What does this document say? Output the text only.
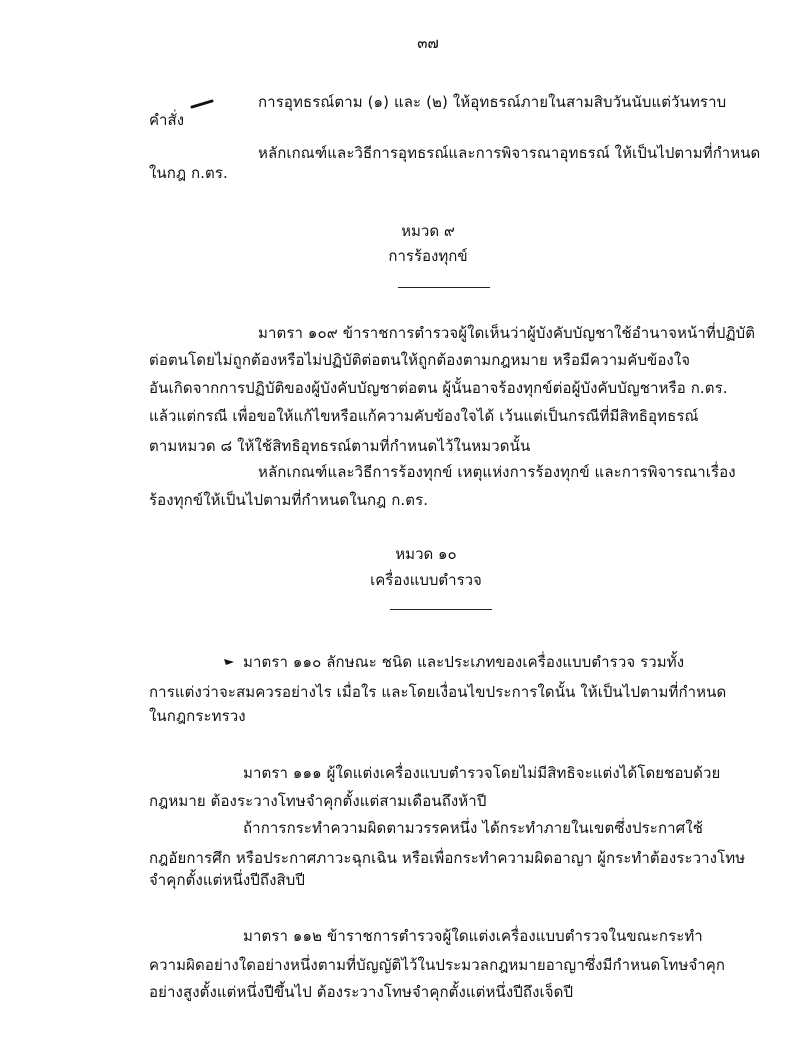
๓๗
การอุทธรณ์ตาม (๑) และ (๒) ให้อุทธรณ์ภายในสามสิบวันนับแต่วันทราบ
คำสั่ง
หลักเกณฑ์และวิธีการอุทธรณ์และการพิจารณาอุทธรณ์ ให้เป็นไปตามที่กำหนด
ในกฎ ก.ตร.
หมวด ๙
การร้องทุกข์
มาตรา ๑๐๙ ข้าราชการตำรวจผู้ใดเห็นว่าผู้บังคับบัญชาใช้อำนาจหน้าที่ปฏิบัติ
ต่อตนโดยไม่ถูกต้องหรือไม่ปฏิบัติต่อตนให้ถูกต้องตามกฎหมาย หรือมีความคับข้องใจ
อันเกิดจากการปฏิบัติของผู้บังคับบัญชาต่อตน ผู้นั้นอาจร้องทุกข์ต่อผู้บังคับบัญชาหรือ ก.ตร.
แล้วแต่กรณี เพื่อขอให้แก้ไขหรือแก้ความคับข้องใจได้ เว้นแต่เป็นกรณีที่มีสิทธิอุทธรณ์
ตามหมวด ๘ ให้ใช้สิทธิอุทธรณ์ตามที่กำหนดไว้ในหมวดนั้น
หลักเกณฑ์และวิธีการร้องทุกข์ เหตุแห่งการร้องทุกข์ และการพิจารณาเรื่อง
ร้องทุกข์ให้เป็นไปตามที่กำหนดในกฎ ก.ตร.
หมวด ๑๐
เครื่องแบบตำรวจ
มาตรา ๑๑๐ ลักษณะ ชนิด และประเภทของเครื่องแบบตำรวจ รวมทั้ง
การแต่งว่าจะสมควรอย่างไร เมื่อใร และโดยเงื่อนไขประการใดนั้น ให้เป็นไปตามที่กำหนด
ในกฎกระทรวง
มาตรา ๑๑๑ ผู้ใดแต่งเครื่องแบบตำรวจโดยไม่มีสิทธิจะแต่งได้โดยชอบด้วย
กฎหมาย ต้องระวางโทษจำคุกตั้งแต่สามเดือนถึงห้าปี
ถ้าการกระทำความผิดตามวรรคหนึ่ง ได้กระทำภายในเขตซึ่งประกาศใช้
กฎอัยการศึก หรือประกาศภาวะฉุกเฉิน หรือเพื่อกระทำความผิดอาญา ผู้กระทำต้องระวางโทษ
จำคุกตั้งแต่หนึ่งปีถึงสิบปี
มาตรา ๑๑๒ ข้าราชการตำรวจผู้ใดแต่งเครื่องแบบตำรวจในขณะกระทำ
ความผิดอย่างใดอย่างหนึ่งตามที่บัญญัติไว้ในประมวลกฎหมายอาญาซึ่งมีกำหนดโทษจำคุก
อย่างสูงตั้งแต่หนึ่งปีขึ้นไป ต้องระวางโทษจำคุกตั้งแต่หนึ่งปีถึงเจ็ดปี
